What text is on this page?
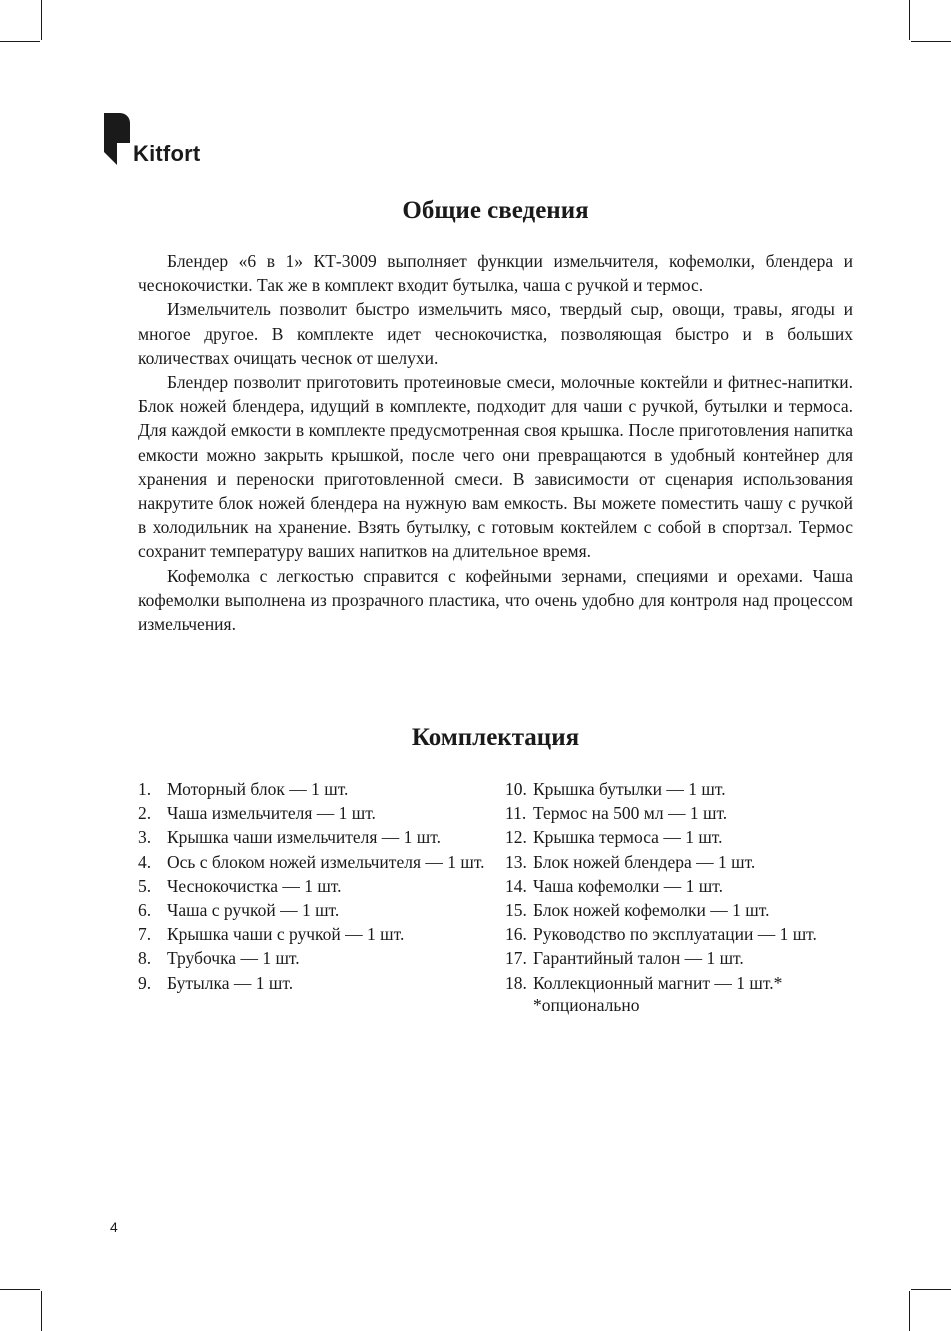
Kitfort
Общие сведения

Блендер «6 в 1» КТ-3009 выполняет функции измельчителя, кофемолки, блендера и чеснокочистки. Так же в комплект входит бутылка, чаша с ручкой и термос.

Измельчитель позволит быстро измельчить мясо, твердый сыр, овощи, травы, ягоды и многое другое. В комплекте идет чеснокочистка, позволяющая быстро и в больших количествах очищать чеснок от шелухи.

Блендер позволит приготовить протеиновые смеси, молочные коктейли и фитнес-напитки. Блок ножей блендера, идущий в комплекте, подходит для чаши с ручкой, бутылки и термоса. Для каждой емкости в комплекте предусмотренная своя крышка. После приготовления напитка емкости можно закрыть крышкой, после чего они превращаются в удобный контейнер для хранения и переноски приготовленной смеси. В зависимости от сценария использования накрутите блок ножей блендера на нужную вам емкость. Вы можете поместить чашу с ручкой в холодильник на хранение. Взять бутылку, с готовым коктейлем с собой в спортзал. Термос сохранит температуру ваших напитков на длительное время.

Кофемолка с легкостью справится с кофейными зернами, специями и орехами. Чаша кофемолки выполнена из прозрачного пластика, что очень удобно для контроля над процессом измельчения.

Комплектация
1. Моторный блок — 1 шт.
2. Чаша измельчителя — 1 шт.
3. Крышка чаши измельчителя — 1 шт.
4. Ось с блоком ножей измельчителя — 1 шт.
5. Чеснокочистка — 1 шт.
6. Чаша с ручкой — 1 шт.
7. Крышка чаши с ручкой — 1 шт.
8. Трубочка — 1 шт.
9. Бутылка — 1 шт.
10. Крышка бутылки — 1 шт.
11. Термос на 500 мл — 1 шт.
12. Крышка термоса — 1 шт.
13. Блок ножей блендера — 1 шт.
14. Чаша кофемолки — 1 шт.
15. Блок ножей кофемолки — 1 шт.
16. Руководство по эксплуатации — 1 шт.
17. Гарантийный талон — 1 шт.
18. Коллекционный магнит — 1 шт.*
*опционально
4
